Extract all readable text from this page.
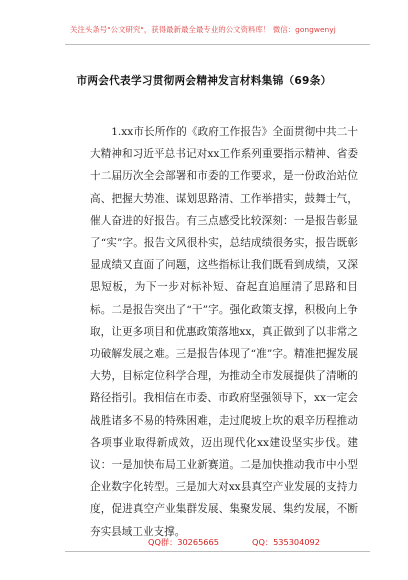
关注头条号"公文研究"，获得最新最全最专业的公文资料库！ 微信：gongwenyj
市两会代表学习贯彻两会精神发言材料集锦（69条）

1.xx市长所作的《政府工作报告》全面贯彻中共二十大精神和习近平总书记对xx工作系列重要指示精神、省委十二届历次全会部署和市委的工作要求，是一份政治站位高、把握大势准、谋划思路清、工作举措实，鼓舞士气，催人奋进的好报告。有三点感受比较深刻：一是报告彰显了“实”字。报告文风很朴实，总结成绩很务实，报告既彰显成绩又直面了问题，这些指标让我们既看到成绩，又深思短板，为下一步对标补短、奋起直追厘清了思路和目标。二是报告突出了“干”字。强化政策支撑，积极向上争取，让更多项目和优惠政策落地xx，真正做到了以非常之功破解发展之难。三是报告体现了“准”字。精准把握发展大势，目标定位科学合理，为推动全市发展提供了清晰的路径指引。我相信在市委、市政府坚强领导下，xx一定会战胜诸多不易的特殊困难，走过爬坡上坎的艰辛历程推动各项事业取得新成效，迈出现代化xx建设坚实步伐。建议：一是加快布局工业新赛道。二是加快推动我市中小型企业数字化转型。三是加大对xx县真空产业发展的支持力度，促进真空产业集群发展、集聚发展、集约发展，不断夯实县域工业支撑。

QQ群：30265665	QQ：535304092
